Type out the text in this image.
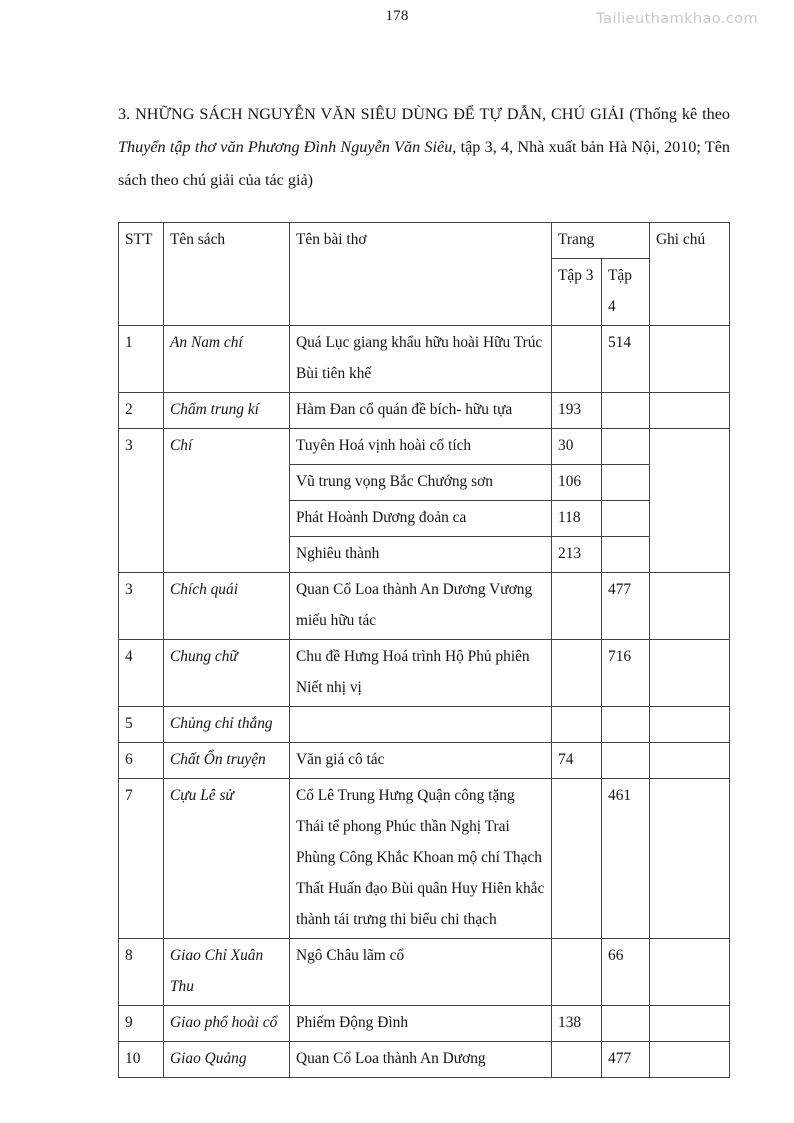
178	Tailieuthamkhao.com
3. NHỮNG SÁCH NGUYỄN VĂN SIÊU DÙNG ĐỂ TỰ DẪN, CHÚ GIẢI (Thống kê theo Thuyển tập thơ văn Phương Đình Nguyễn Văn Siêu, tập 3, 4, Nhà xuất bản Hà Nội, 2010; Tên sách theo chú giải của tác giả)
STT	Tên sách	Tên bài thơ	Trang		Ghi chú
			Tập 3	Tập 4	
1	An Nam chí	Quá Lục giang khẩu hữu hoài Hữu Trúc Bùi tiên khế		514	
2	Chẩm trung kí	Hàm Đan cổ quán đề bích- hữu tựa	193		
3	Chí	Tuyên Hoá vịnh hoài cổ tích	30		
		Vũ trung vọng Bắc Chướng sơn	106		
		Phát Hoành Dương đoản ca	118		
		Nghiêu thành	213		
3	Chích quái	Quan Cổ Loa thành An Dương Vương miếu hữu tác		477	
4	Chung chữ	Chu đề Hưng Hoá trình Hộ Phủ phiên Niết nhị vị		716	
5	Chủng chỉ thắng				
6	Chất Ổn truyện	Văn giá cô tác	74		
7	Cựu Lê sử	Cổ Lê Trung Hưng Quận công tặng Thái tể phong Phúc thần Nghị Trai Phùng Công Khắc Khoan mộ chí Thạch Thất Huấn đạo Bùi quân Huy Hiên khắc thành tái trưng thi biểu chi thạch		461	
8	Giao Chỉ Xuân Thu	Ngô Châu lãm cổ		66	
9	Giao phổ hoài cổ	Phiếm Động Đình	138		
10	Giao Quảng	Quan Cổ Loa thành An Dương		477	
